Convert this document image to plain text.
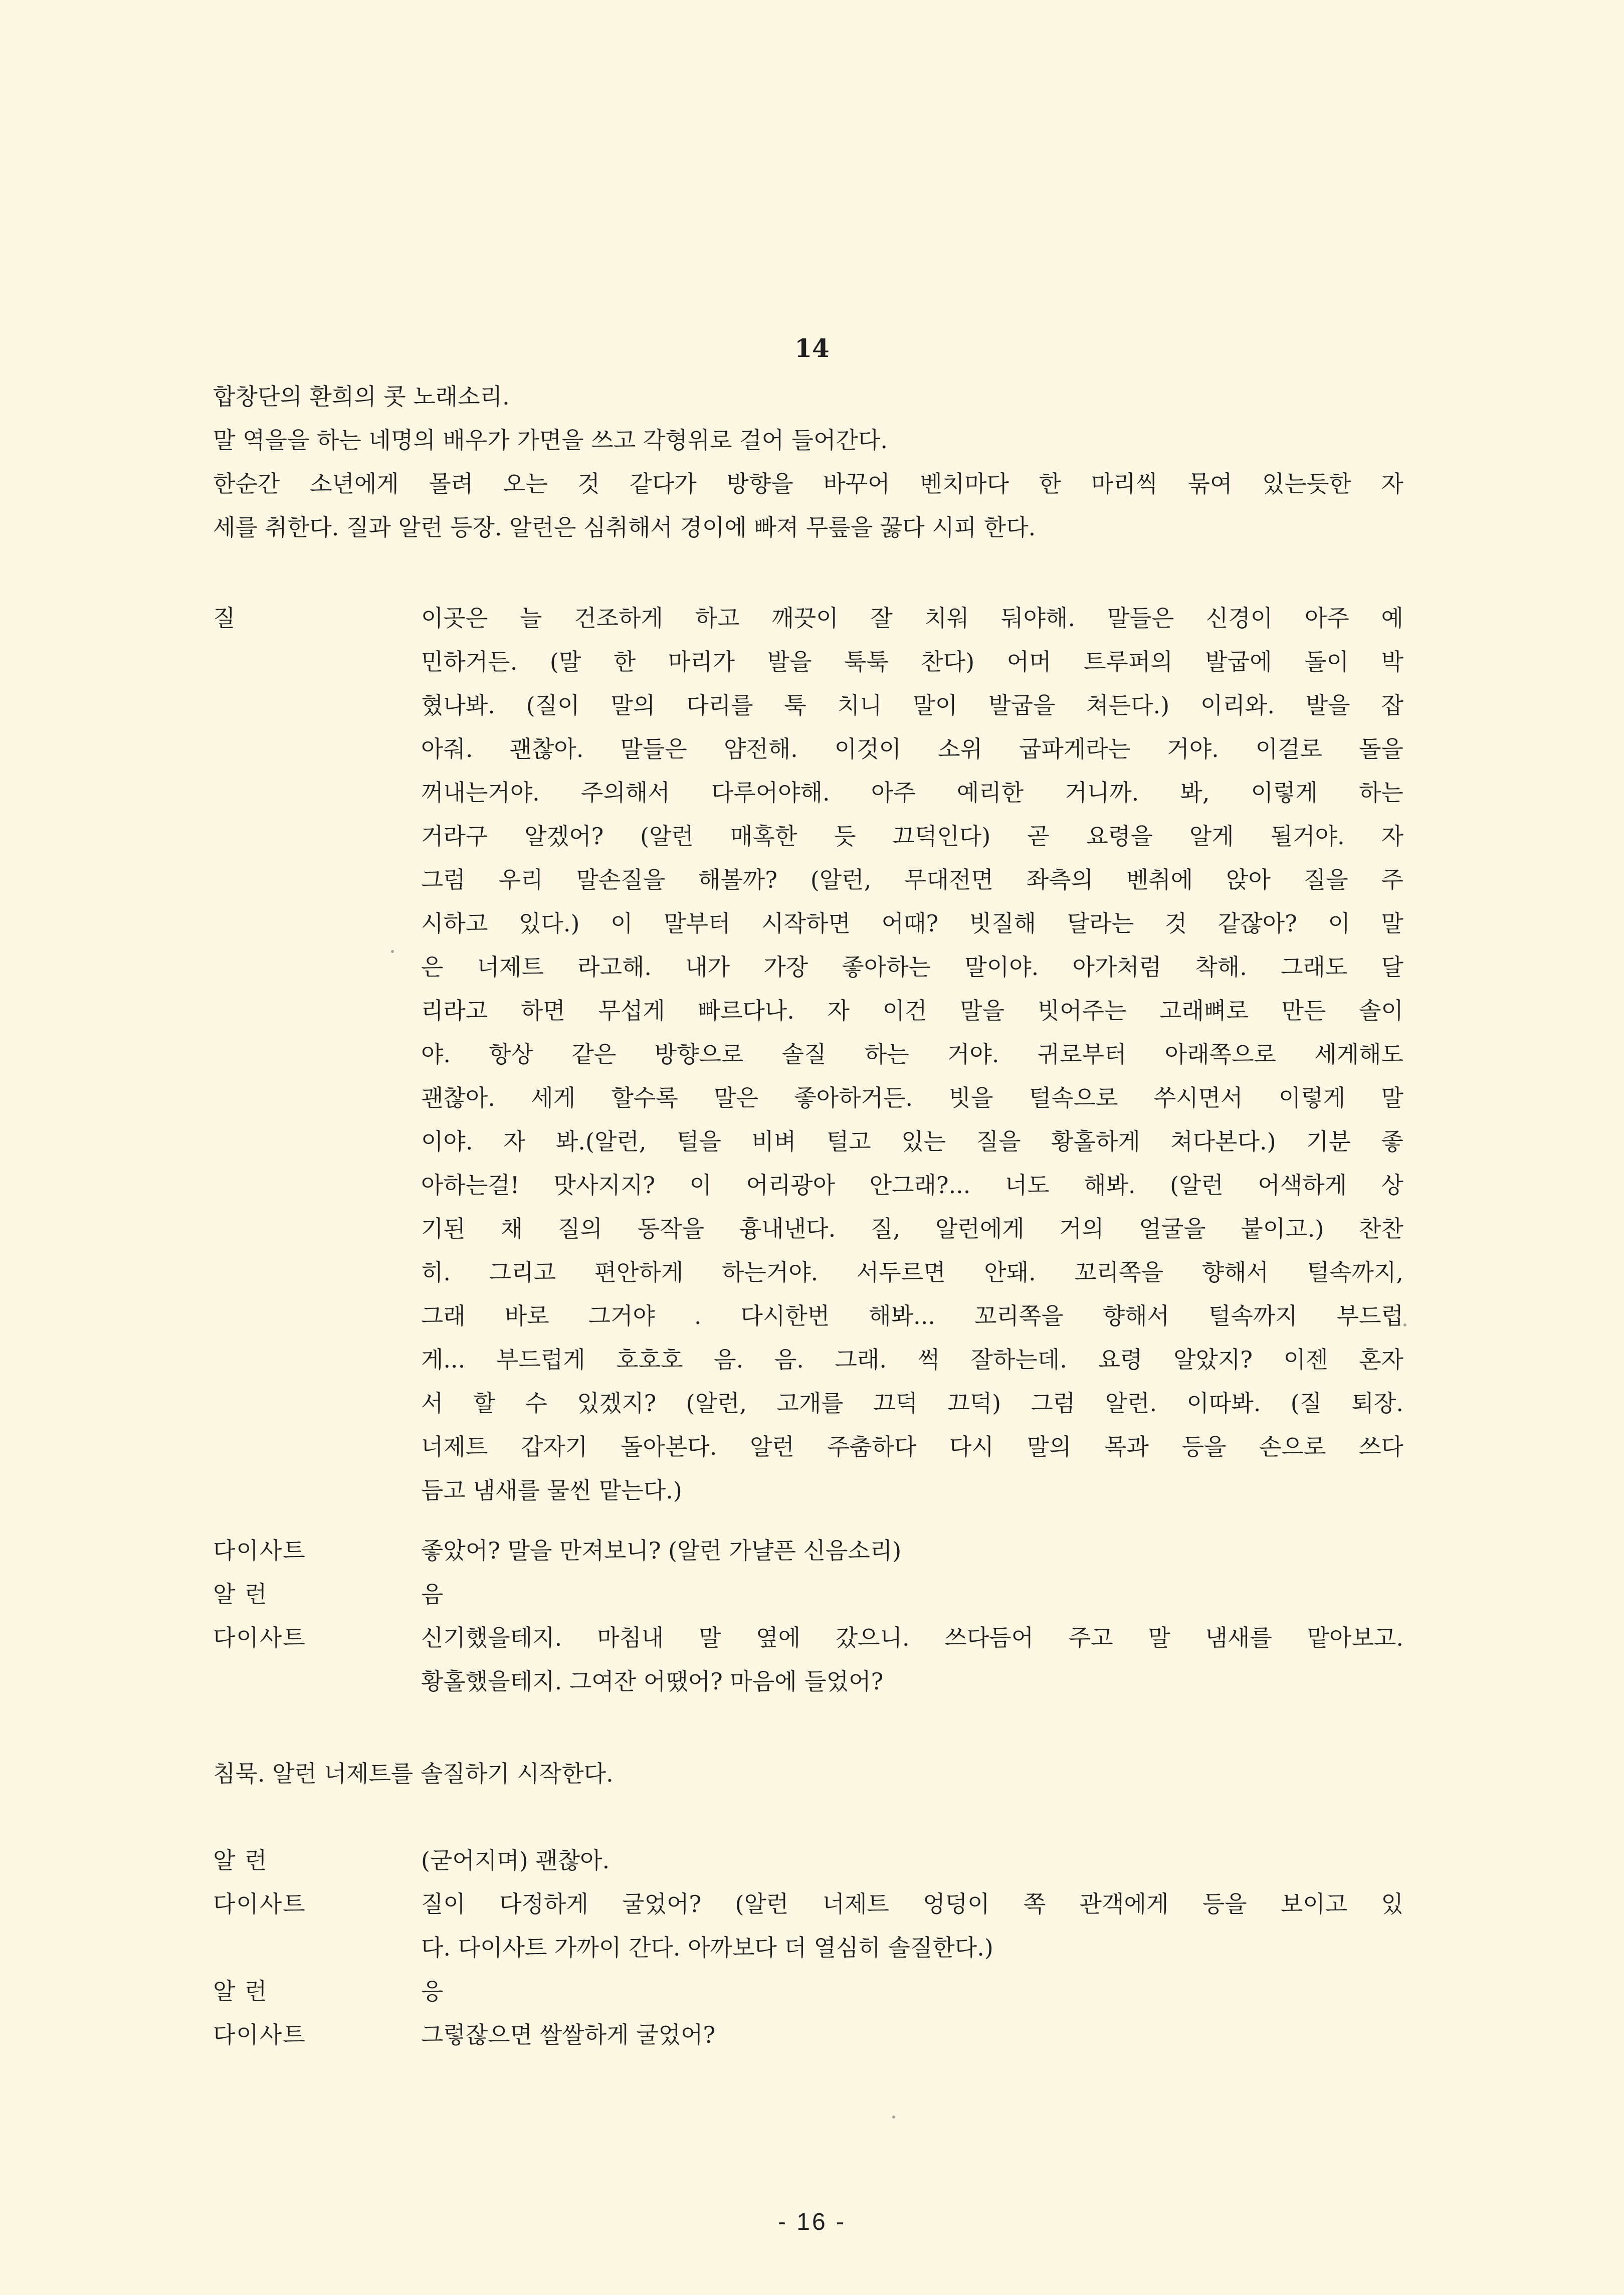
14
합창단의 환희의 콧 노래소리.
말 역을을 하는 네명의 배우가 가면을 쓰고 각형위로 걸어 들어간다.
한순간 소년에게 몰려 오는 것 같다가 방향을 바꾸어 벤치마다 한 마리씩 묶여 있는듯한 자
세를 취한다. 질과 알런 등장. 알런은 심취해서 경이에 빠져 무릎을 꿇다 시피 한다.
질	이곳은 늘 건조하게 하고 깨끗이 잘 치워 둬야해. 말들은 신경이 아주 예
민하거든. (말 한 마리가 발을 툭툭 찬다) 어머 트루퍼의 발굽에 돌이 박
혔나봐. (질이 말의 다리를 툭 치니 말이 발굽을 쳐든다.) 이리와. 발을 잡
아줘. 괜찮아. 말들은 얌전해. 이것이 소위 굽파게라는 거야. 이걸로 돌을
꺼내는거야. 주의해서 다루어야해. 아주 예리한 거니까. 봐, 이렇게 하는
거라구 알겠어? (알런 매혹한 듯 끄덕인다) 곧 요령을 알게 될거야. 자
그럼 우리 말손질을 해볼까? (알런, 무대전면 좌측의 벤취에 앉아 질을 주
시하고 있다.) 이 말부터 시작하면 어때? 빗질해 달라는 것 같잖아? 이 말
은 너제트 라고해. 내가 가장 좋아하는 말이야. 아가처럼 착해. 그래도 달
리라고 하면 무섭게 빠르다나. 자 이건 말을 빗어주는 고래뼈로 만든 솔이
야. 항상 같은 방향으로 솔질 하는 거야. 귀로부터 아래쪽으로 세게해도
괜찮아. 세게 할수록 말은 좋아하거든. 빗을 털속으로 쑤시면서 이렇게 말
이야. 자 봐.(알런, 털을 비벼 털고 있는 질을 황홀하게 쳐다본다.) 기분 좋
아하는걸! 맛사지지? 이 어리광아 안그래?... 너도 해봐. (알런 어색하게 상
기된 채 질의 동작을 흉내낸다. 질, 알런에게 거의 얼굴을 붙이고.) 찬찬
히. 그리고 편안하게 하는거야. 서두르면 안돼. 꼬리쪽을 향해서 털속까지,
그래 바로 그거야 . 다시한번 해봐... 꼬리쪽을 향해서 털속까지 부드럽
게... 부드럽게 호호호 음. 음. 그래. 썩 잘하는데. 요령 알았지? 이젠 혼자
서 할 수 있겠지? (알런, 고개를 끄덕 끄덕) 그럼 알런. 이따봐. (질 퇴장.
너제트 갑자기 돌아본다. 알런 주춤하다 다시 말의 목과 등을 손으로 쓰다
듬고 냄새를 물씬 맡는다.)
다이사트	좋았어? 말을 만져보니? (알런 가냘픈 신음소리)
알 런	음
다이사트	신기했을테지. 마침내 말 옆에 갔으니. 쓰다듬어 주고 말 냄새를 맡아보고.
황홀했을테지. 그여잔 어땠어? 마음에 들었어?
침묵. 알런 너제트를 솔질하기 시작한다.
알 런	(굳어지며) 괜찮아.
다이사트	질이 다정하게 굴었어? (알런 너제트 엉덩이 쪽 관객에게 등을 보이고 있
다. 다이사트 가까이 간다. 아까보다 더 열심히 솔질한다.)
알 런	응
다이사트	그렇잖으면 쌀쌀하게 굴었어?
- 16 -
